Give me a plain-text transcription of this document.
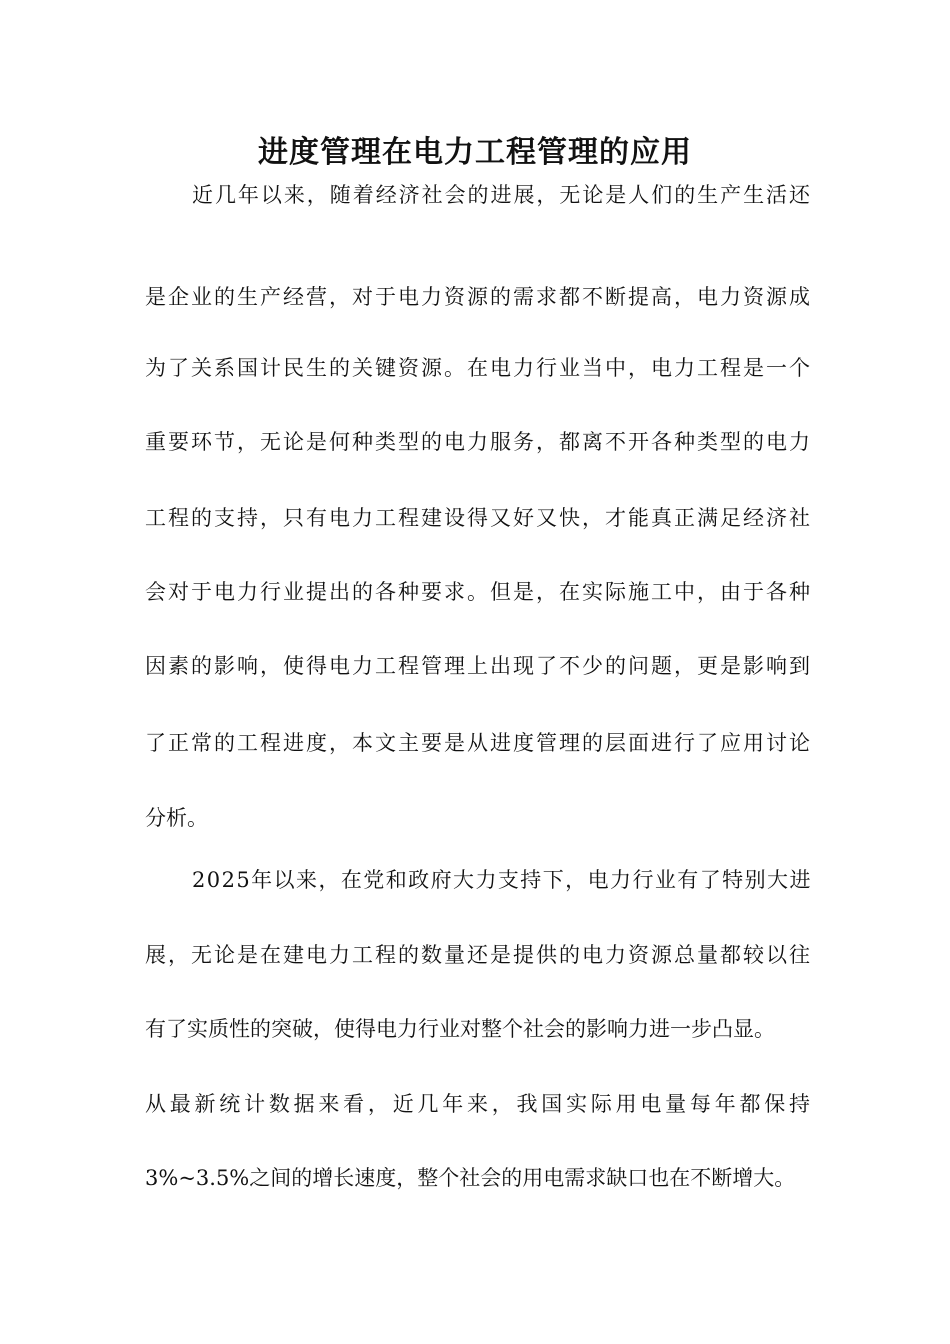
进度管理在电力工程管理的应用
近几年以来，随着经济社会的进展，无论是人们的生产生活还
是企业的生产经营，对于电力资源的需求都不断提高，电力资源成
为了关系国计民生的关键资源。在电力行业当中，电力工程是一个
重要环节，无论是何种类型的电力服务，都离不开各种类型的电力
工程的支持，只有电力工程建设得又好又快，才能真正满足经济社
会对于电力行业提出的各种要求。但是，在实际施工中，由于各种
因素的影响，使得电力工程管理上出现了不少的问题，更是影响到
了正常的工程进度，本文主要是从进度管理的层面进行了应用讨论
分析。
2025年以来，在党和政府大力支持下，电力行业有了特别大进
展，无论是在建电力工程的数量还是提供的电力资源总量都较以往
有了实质性的突破，使得电力行业对整个社会的影响力进一步凸显。
从最新统计数据来看，近几年来，我国实际用电量每年都保持
3%~3.5%之间的增长速度，整个社会的用电需求缺口也在不断增大。
